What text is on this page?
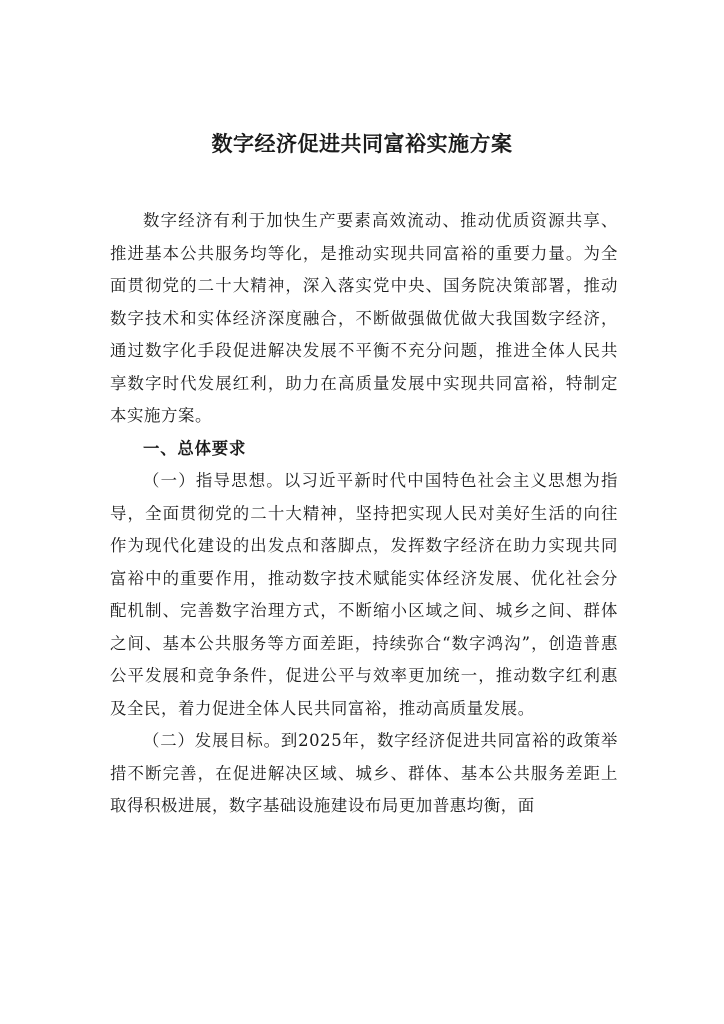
数字经济促进共同富裕实施方案

数字经济有利于加快生产要素高效流动、推动优质资源共享、推进基本公共服务均等化，是推动实现共同富裕的重要力量。为全面贯彻党的二十大精神，深入落实党中央、国务院决策部署，推动数字技术和实体经济深度融合，不断做强做优做大我国数字经济，通过数字化手段促进解决发展不平衡不充分问题，推进全体人民共享数字时代发展红利，助力在高质量发展中实现共同富裕，特制定本实施方案。

一、总体要求

（一）指导思想。以习近平新时代中国特色社会主义思想为指导，全面贯彻党的二十大精神，坚持把实现人民对美好生活的向往作为现代化建设的出发点和落脚点，发挥数字经济在助力实现共同富裕中的重要作用，推动数字技术赋能实体经济发展、优化社会分配机制、完善数字治理方式，不断缩小区域之间、城乡之间、群体之间、基本公共服务等方面差距，持续弥合“数字鸿沟”，创造普惠公平发展和竞争条件，促进公平与效率更加统一，推动数字红利惠及全民，着力促进全体人民共同富裕，推动高质量发展。

（二）发展目标。到2025年，数字经济促进共同富裕的政策举措不断完善，在促进解决区域、城乡、群体、基本公共服务差距上取得积极进展，数字基础设施建设布局更加普惠均衡，面
